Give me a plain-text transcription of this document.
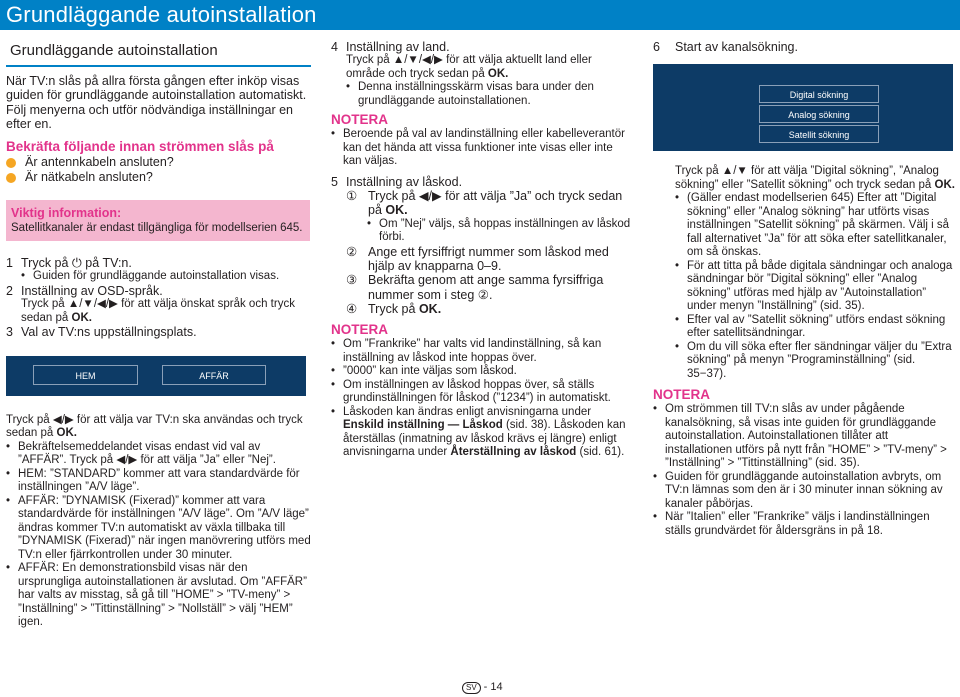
Grundläggande autoinstallation
Grundläggande autoinstallation
När TV:n slås på allra första gången efter inköp visas guiden för grundläggande autoinstallation automatiskt. Följ menyerna och utför nödvändiga inställningar en efter en.
Bekräfta följande innan strömmen slås på
Är antennkabeln ansluten?
Är nätkabeln ansluten?
Viktig information:
Satellitkanaler är endast tillgängliga för modellserien 645.
1 Tryck på ⏻ på TV:n.
• Guiden för grundläggande autoinstallation visas.
2 Inställning av OSD-språk.
Tryck på ▲/▼/◀/▶ för att välja önskat språk och tryck sedan på OK.
3 Val av TV:ns uppställningsplats.
HEM	AFFÄR
Tryck på ◀/▶ för att välja var TV:n ska användas och tryck sedan på OK.
• Bekräftelsemeddelandet visas endast vid val av ”AFFÄR”. Tryck på ◀/▶ för att välja ”Ja” eller ”Nej”.
• HEM: ”STANDARD” kommer att vara standardvärde för inställningen ”A/V läge”.
• AFFÄR: ”DYNAMISK (Fixerad)” kommer att vara standardvärde för inställningen ”A/V läge”. Om ”A/V läge” ändras kommer TV:n automatiskt av växla tillbaka till ”DYNAMISK (Fixerad)” när ingen manövrering utförs med TV:n eller fjärrkontrollen under 30 minuter.
• AFFÄR: En demonstrationsbild visas när den ursprungliga autoinstallationen är avslutad. Om ”AFFÄR” har valts av misstag, så gå till ”HOME” > ”TV-meny” > ”Inställning” > ”Tittinställning” > ”Nollställ” > välj ”HEM” igen.
4 Inställning av land.
Tryck på ▲/▼/◀/▶ för att välja aktuellt land eller område och tryck sedan på OK.
• Denna inställningsskärm visas bara under den grundläggande autoinstallationen.
NOTERA
• Beroende på val av landinställning eller kabelleverantör kan det hända att vissa funktioner inte visas eller inte kan väljas.
5 Inställning av låskod.
① Tryck på ◀/▶ för att välja ”Ja” och tryck sedan på OK.
• Om ”Nej” väljs, så hoppas inställningen av låskod förbi.
② Ange ett fyrsiffrigt nummer som låskod med hjälp av knapparna 0–9.
③ Bekräfta genom att ange samma fyrsiffriga nummer som i steg ②.
④ Tryck på OK.
NOTERA
• Om ”Frankrike” har valts vid landinställning, så kan inställning av låskod inte hoppas över.
• ”0000” kan inte väljas som låskod.
• Om inställningen av låskod hoppas över, så ställs grundinställningen för låskod (”1234”) in automatiskt.
• Låskoden kan ändras enligt anvisningarna under Enskild inställning — Låskod (sid. 38). Låskoden kan återställas (inmatning av låskod krävs ej längre) enligt anvisningarna under Återställning av låskod (sid. 61).
6	Start av kanalsökning.
Digital sökning
Analog sökning
Satellit sökning
Tryck på ▲/▼ för att välja ”Digital sökning”, ”Analog sökning” eller ”Satellit sökning” och tryck sedan på OK.
• (Gäller endast modellserien 645) Efter att ”Digital sökning” eller ”Analog sökning” har utförts visas inställningen ”Satellit sökning” på skärmen. Välj i så fall alternativet ”Ja” för att söka efter satellitkanaler, om så önskas.
• För att titta på både digitala sändningar och analoga sändningar bör ”Digital sökning” eller ”Analog sökning” utföras med hjälp av ”Autoinstallation” under menyn ”Inställning” (sid. 35).
• Efter val av ”Satellit sökning” utförs endast sökning efter satellitsändningar.
• Om du vill söka efter fler sändningar väljer du ”Extra sökning” på menyn ”Programinställning” (sid. 35−37).
NOTERA
• Om strömmen till TV:n slås av under pågående kanalsökning, så visas inte guiden för grundläggande autoinstallation. Autoinstallationen tillåter att installationen utförs på nytt från ”HOME” > ”TV-meny” > ”Inställning” > ”Tittinställning” (sid. 35).
• Guiden för grundläggande autoinstallation avbryts, om TV:n lämnas som den är i 30 minuter innan sökning av kanaler påbörjas.
• När ”Italien” eller ”Frankrike” väljs i landinställningen ställs grundvärdet för åldersgräns in på 18.
SV - 14
